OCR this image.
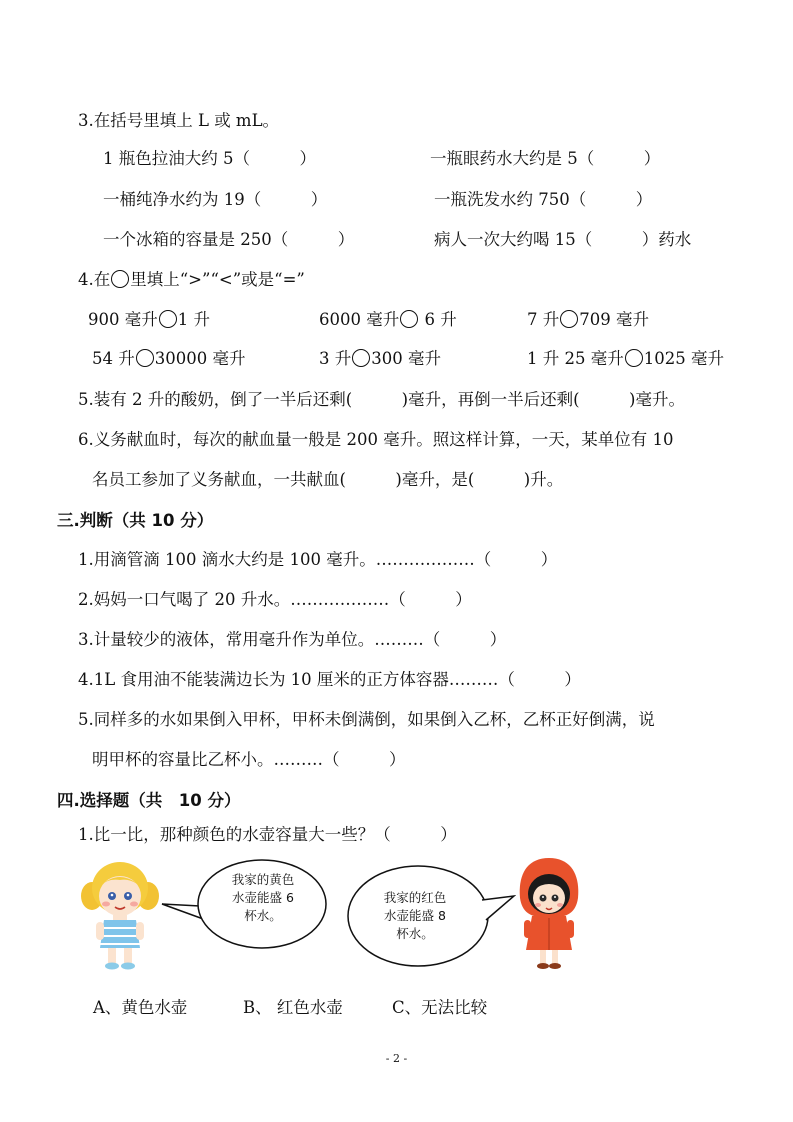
3.在括号里填上 L 或 mL。
1 瓶色拉油大约 5（　　　）	一瓶眼药水大约是 5（　　　）
一桶纯净水约为 19（　　　）	一瓶洗发水约 750（　　　）
一个冰箱的容量是 250（　　　）	病人一次大约喝 15（　　　）药水
4.在 里填上“>”“<”或是“=”
900 毫升 1 升	6000 毫升 6 升	7 升 709 毫升
54 升 30000 毫升	3 升 300 毫升	1 升 25 毫升 1025 毫升
5.装有 2 升的酸奶，倒了一半后还剩(　　　)毫升，再倒一半后还剩(　　　)毫升。
6.义务献血时，每次的献血量一般是 200 毫升。照这样计算，一天，某单位有 10
名员工参加了义务献血，一共献血(　　　)毫升，是(　　　)升。
三.判断（共 10 分）
1.用滴管滴 100 滴水大约是 100 毫升。………………（　　　）
2.妈妈一口气喝了 20 升水。………………（　　　）
3.计量较少的液体，常用毫升作为单位。………（　　　）
4.1L 食用油不能装满边长为 10 厘米的正方体容器………（　　　）
5.同样多的水如果倒入甲杯，甲杯未倒满倒，如果倒入乙杯，乙杯正好倒满，说
明甲杯的容量比乙杯小。………（　　　）
四.选择题（共　10 分）
1.比一比，那种颜色的水壶容量大一些？（　　　）
我家的黄色
水壶能盛 6
杯水。
我家的红色
水壶能盛 8
杯水。
A、黄色水壶	B、 红色水壶	C、无法比较
- 2 -
